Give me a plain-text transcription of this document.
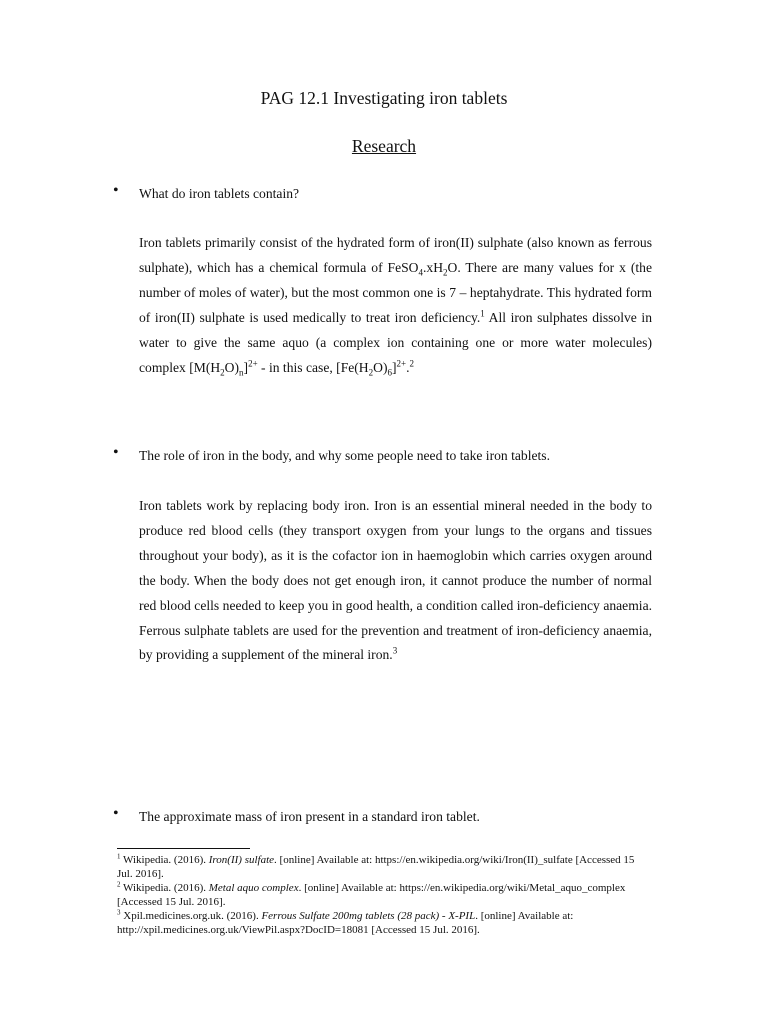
PAG 12.1 Investigating iron tablets
Research
• What do iron tablets contain?

Iron tablets primarily consist of the hydrated form of iron(II) sulphate (also known as ferrous sulphate), which has a chemical formula of $FeSO_4.xH_2O$. There are many values for x (the number of moles of water), but the most common one is 7 – heptahydrate. This hydrated form of iron(II) sulphate is used medically to treat iron deficiency.$^1$ All iron sulphates dissolve in water to give the same aquo (a complex ion containing one or more water molecules) complex $[M(H_2O)_n]^{2+}$ - in this case, $[Fe(H_2O)_6]^{2+}.^2$

• The role of iron in the body, and why some people need to take iron tablets.

Iron tablets work by replacing body iron. Iron is an essential mineral needed in the body to produce red blood cells (they transport oxygen from your lungs to the organs and tissues throughout your body), as it is the cofactor ion in haemoglobin which carries oxygen around the body. When the body does not get enough iron, it cannot produce the number of normal red blood cells needed to keep you in good health, a condition called iron-deficiency anaemia. Ferrous sulphate tablets are used for the prevention and treatment of iron-deficiency anaemia, by providing a supplement of the mineral iron.$^3$

• The approximate mass of iron present in a standard iron tablet.

$^1$ Wikipedia. (2016). Iron(II) sulfate. [online] Available at: https://en.wikipedia.org/wiki/Iron(II)_sulfate [Accessed 15 Jul. 2016].

$^2$ Wikipedia. (2016). Metal aquo complex. [online] Available at: https://en.wikipedia.org/wiki/Metal_aquo_complex [Accessed 15 Jul. 2016].

$^3$ Xpil.medicines.org.uk. (2016). Ferrous Sulfate 200mg tablets (28 pack) - X-PIL. [online] Available at: http://xpil.medicines.org.uk/ViewPil.aspx?DocID=18081 [Accessed 15 Jul. 2016].
